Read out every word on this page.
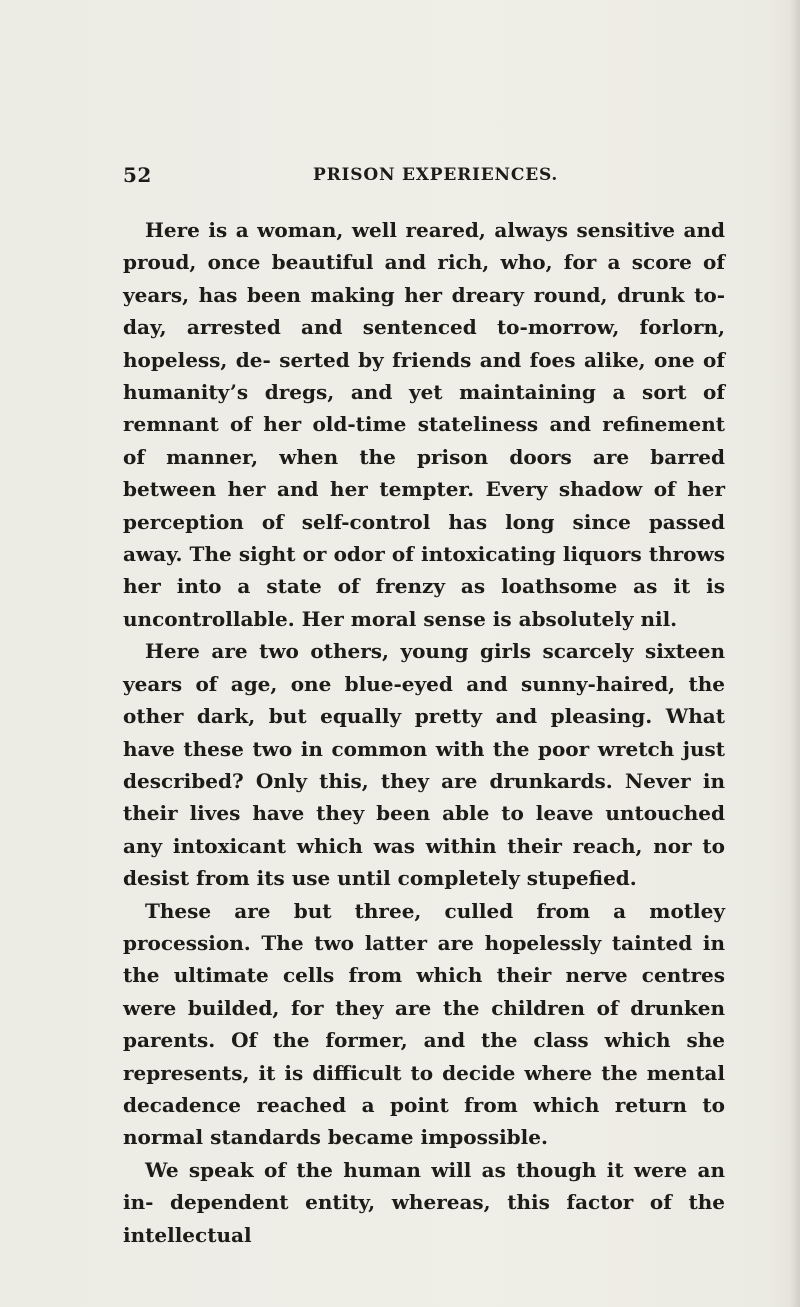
52	PRISON EXPERIENCES.

Here is a woman, well reared, always sensitive and proud, once beautiful and rich, who, for a score of years, has been making her dreary round, drunk to-day, arrested and sentenced to-morrow, forlorn, hopeless, de- serted by friends and foes alike, one of humanity’s dregs, and yet maintaining a sort of remnant of her old-time stateliness and refinement of manner, when the prison doors are barred between her and her tempter. Every shadow of her perception of self-control has long since passed away. The sight or odor of intoxicating liquors throws her into a state of frenzy as loathsome as it is uncontrollable. Her moral sense is absolutely nil.

Here are two others, young girls scarcely sixteen years of age, one blue-eyed and sunny-haired, the other dark, but equally pretty and pleasing. What have these two in common with the poor wretch just described? Only this, they are drunkards. Never in their lives have they been able to leave untouched any intoxicant which was within their reach, nor to desist from its use until completely stupefied.

These are but three, culled from a motley procession. The two latter are hopelessly tainted in the ultimate cells from which their nerve centres were builded, for they are the children of drunken parents. Of the former, and the class which she represents, it is difficult to decide where the mental decadence reached a point from which return to normal standards became impossible.

We speak of the human will as though it were an in- dependent entity, whereas, this factor of the intellectual
